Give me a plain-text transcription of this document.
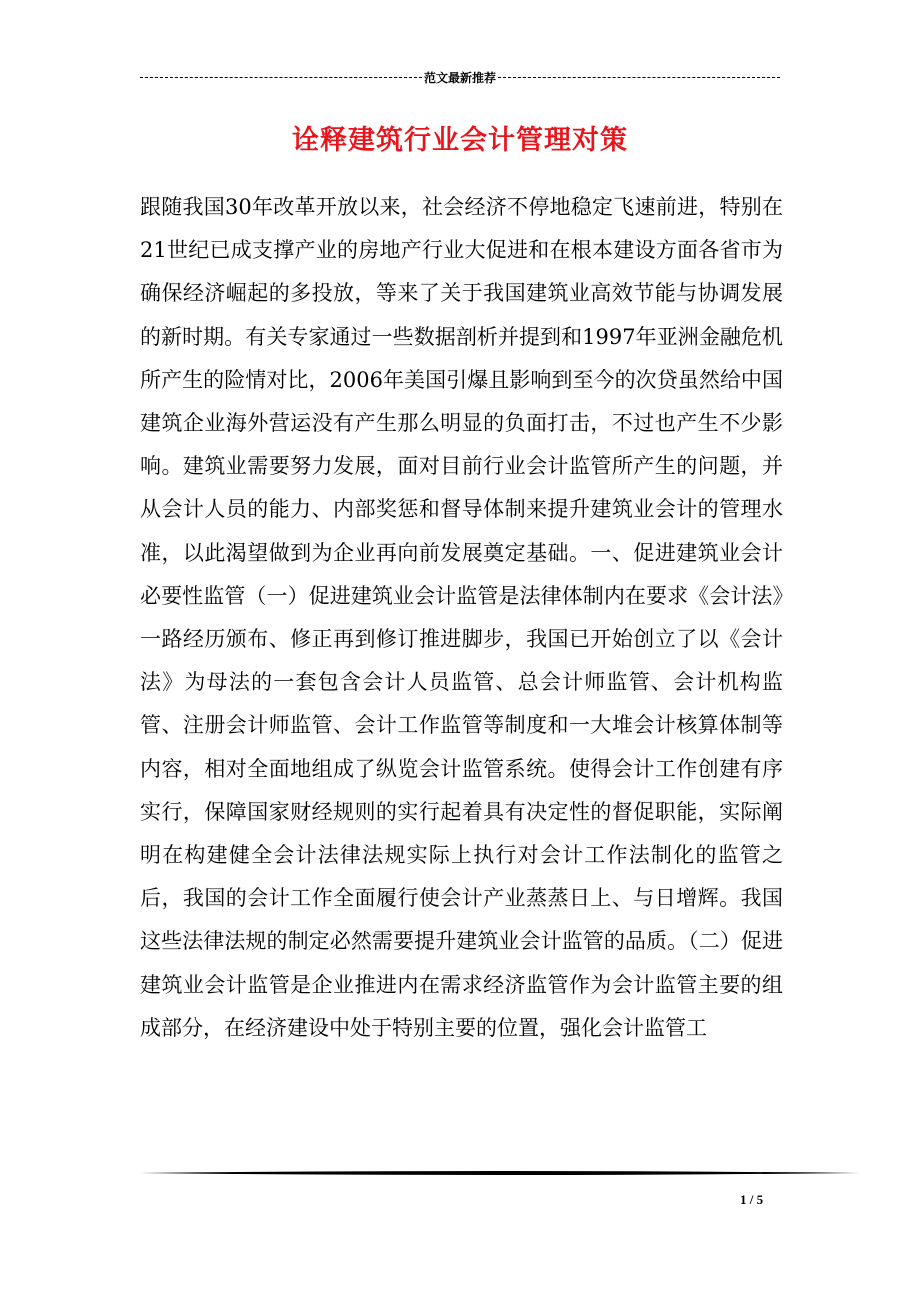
范文最新推荐
诠释建筑行业会计管理对策
跟随我国30年改革开放以来，社会经济不停地稳定飞速前进，特别在21世纪已成支撑产业的房地产行业大促进和在根本建设方面各省市为确保经济崛起的多投放，等来了关于我国建筑业高效节能与协调发展的新时期。有关专家通过一些数据剖析并提到和1997年亚洲金融危机所产生的险情对比，2006年美国引爆且影响到至今的次贷虽然给中国建筑企业海外营运没有产生那么明显的负面打击，不过也产生不少影响。建筑业需要努力发展，面对目前行业会计监管所产生的问题，并从会计人员的能力、内部奖惩和督导体制来提升建筑业会计的管理水准，以此渴望做到为企业再向前发展奠定基础。一、促进建筑业会计必要性监管（一）促进建筑业会计监管是法律体制内在要求《会计法》一路经历颁布、修正再到修订推进脚步，我国已开始创立了以《会计法》为母法的一套包含会计人员监管、总会计师监管、会计机构监管、注册会计师监管、会计工作监管等制度和一大堆会计核算体制等内容，相对全面地组成了纵览会计监管系统。使得会计工作创建有序实行，保障国家财经规则的实行起着具有决定性的督促职能，实际阐明在构建健全会计法律法规实际上执行对会计工作法制化的监管之后，我国的会计工作全面履行使会计产业蒸蒸日上、与日增辉。我国这些法律法规的制定必然需要提升建筑业会计监管的品质。（二）促进建筑业会计监管是企业推进内在需求经济监管作为会计监管主要的组成部分，在经济建设中处于特别主要的位置，强化会计监管工
1 / 5
